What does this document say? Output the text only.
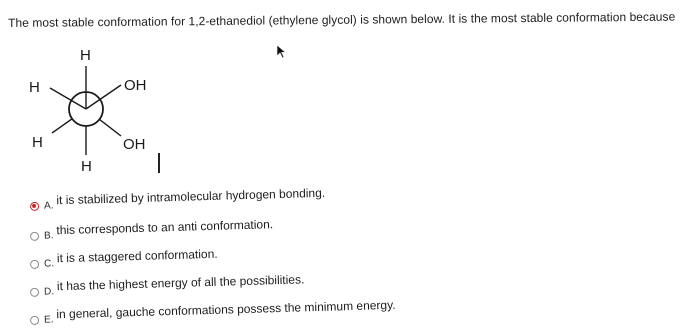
The most stable conformation for 1,2-ethanediol (ethylene glycol) is shown below. It is the most stable conformation because
H
H	OH
H	OH
H
A. it is stabilized by intramolecular hydrogen bonding.
B. this corresponds to an anti conformation.
C. it is a staggered conformation.
D. it has the highest energy of all the possibilities.
E. in general, gauche conformations possess the minimum energy.
